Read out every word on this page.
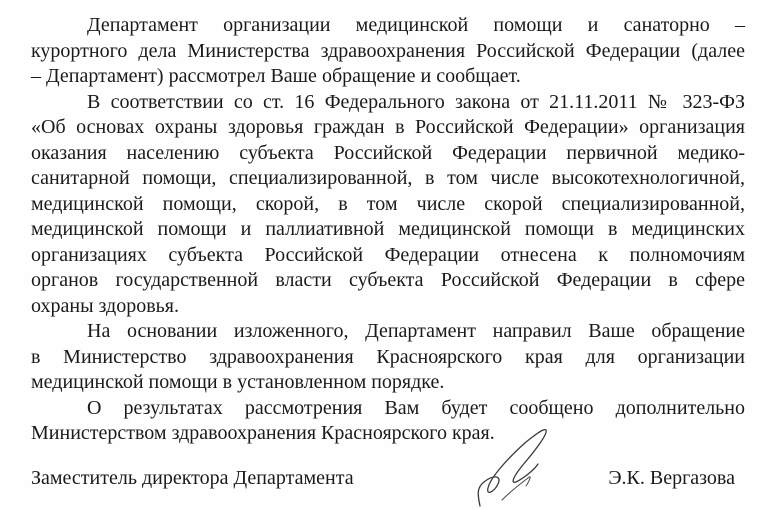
Департамент организации медицинской помощи и санаторно –
курортного дела Министерства здравоохранения Российской Федерации (далее
– Департамент) рассмотрел Ваше обращение и сообщает.
В соответствии со ст. 16 Федерального закона от 21.11.2011 № 323-ФЗ
«Об основах охраны здоровья граждан в Российской Федерации» организация
оказания населению субъекта Российской Федерации первичной медико-
санитарной помощи, специализированной, в том числе высокотехнологичной,
медицинской помощи, скорой, в том числе скорой специализированной,
медицинской помощи и паллиативной медицинской помощи в медицинских
организациях субъекта Российской Федерации отнесена к полномочиям
органов государственной власти субъекта Российской Федерации в сфере
охраны здоровья.
На основании изложенного, Департамент направил Ваше обращение
в Министерство здравоохранения Красноярского края для организации
медицинской помощи в установленном порядке.
О результатах рассмотрения Вам будет сообщено дополнительно
Министерством здравоохранения Красноярского края.
Заместитель директора Департамента	Э.К. Вергазова
